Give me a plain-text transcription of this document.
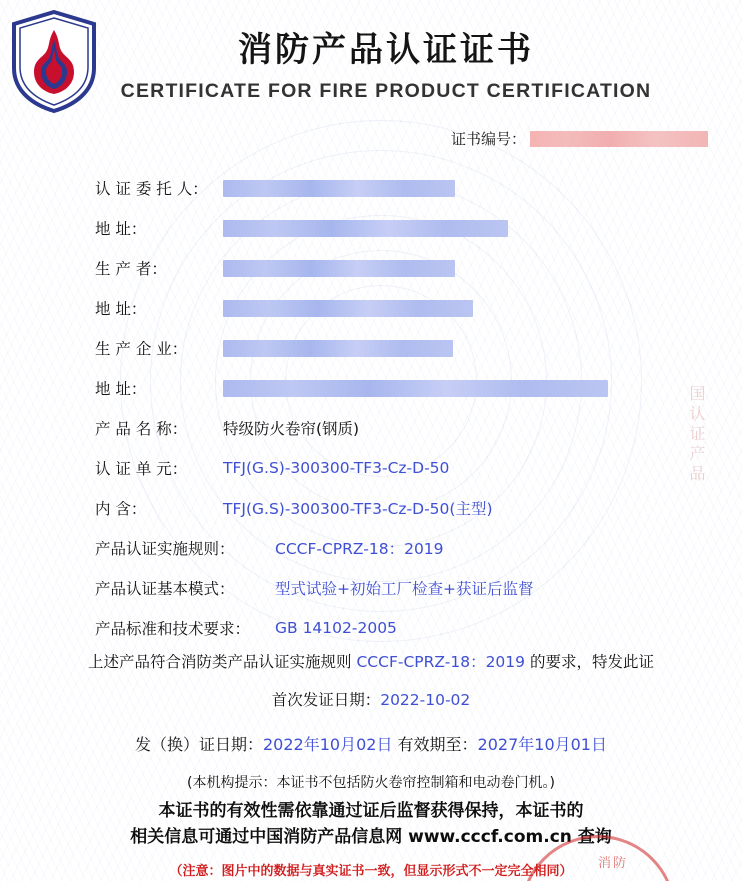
消防产品认证证书
CERTIFICATE FOR FIRE PRODUCT CERTIFICATION
证书编号：
国认证产品
认 证 委 托 人：
地 址：
生 产 者：
地 址：
生 产 企 业：
地 址：
产 品 名 称：	特级防火卷帘(钢质)
认 证 单 元：	TFJ(G.S)-300300-TF3-Cz-D-50
内 含：	TFJ(G.S)-300300-TF3-Cz-D-50(主型)
产品认证实施规则：	CCCF-CPRZ-18：2019
产品认证基本模式：	型式试验+初始工厂检查+获证后监督
产品标准和技术要求：	GB 14102-2005
上述产品符合消防类产品认证实施规则 CCCF-CPRZ-18：2019 的要求，特发此证
首次发证日期：2022-10-02
发（换）证日期：2022年10月02日 有效期至：2027年10月01日
(本机构提示：本证书不包括防火卷帘控制箱和电动卷门机。)
本证书的有效性需依靠通过证后监督获得保持，本证书的
相关信息可通过中国消防产品信息网 www.cccf.com.cn 查询
（注意：图片中的数据与真实证书一致，但显示形式不一定完全相同）
消防
